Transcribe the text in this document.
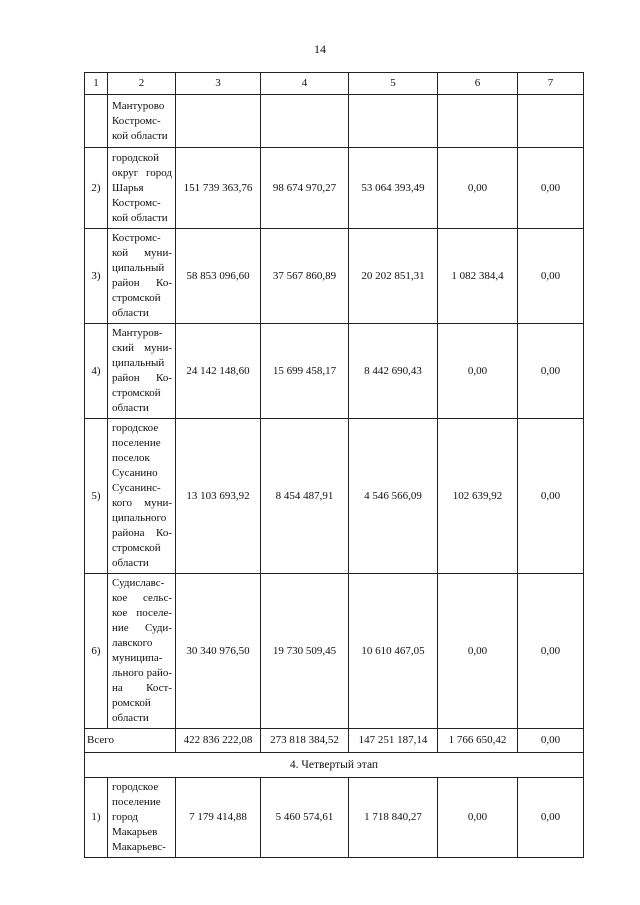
14
1	2	3	4	5	6	7
	Мантурово Костромс-кой области					
2)	городской округ город Шарья Костромс-кой области	151 739 363,76	98 674 970,27	53 064 393,49	0,00	0,00
3)	Костромс-кой муни-ципальный район Ко-стромской области	58 853 096,60	37 567 860,89	20 202 851,31	1 082 384,4	0,00
4)	Мантуров-ский муни-ципальный район Ко-стромской области	24 142 148,60	15 699 458,17	8 442 690,43	0,00	0,00
5)	городское поселение поселок Сусанино Сусанинс-кого муни-ципального района Ко-стромской области	13 103 693,92	8 454 487,91	4 546 566,09	102 639,92	0,00
6)	Судиславс-кое сельс-кое поселе-ние Суди-лавского муниципа-льного райо-на Кост-ромской области	30 340 976,50	19 730 509,45	10 610 467,05	0,00	0,00
Всего		422 836 222,08	273 818 384,52	147 251 187,14	1 766 650,42	0,00
4. Четвертый этап						
1)	городское поселение город Макарьев Макарьевс-	7 179 414,88	5 460 574,61	1 718 840,27	0,00	0,00
